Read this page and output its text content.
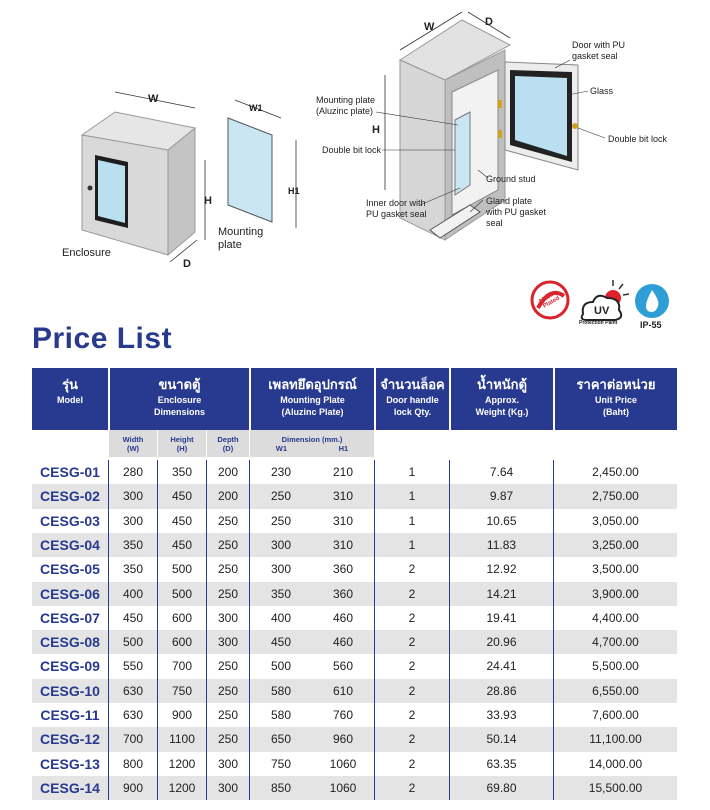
W
H
D
Enclosure
W1
H1
Mounting
plate
W	D
H
Door with PU
gasket seal
Glass
Double bit lock
Mounting plate
(Aluzinc plate)
Double bit lock
Ground stud
Inner door with
PU gasket seal
Gland plate
with PU gasket
seal
Aluzinc Plated
UV
Protection Paint	IP-55
Price List
รุ่น
Model
ขนาดตู้
Enclosure
Dimensions
เพลทยึดอุปกรณ์
Mounting Plate
(Aluzinc Plate)
จำนวนล็อค
Door handle
lock Qty.
น้ำหนักตู้
Approx.
Weight (Kg.)
ราคาต่อหน่วย
Unit Price
(Baht)
Width
(W)
Height
(H)
Depth
(D)
Dimension (mm.)
W1	H1
CESG-01	280	350	200	230	210	1	7.64	2,450.00
CESG-02	300	450	200	250	310	1	9.87	2,750.00
CESG-03	300	450	250	250	310	1	10.65	3,050.00
CESG-04	350	450	250	300	310	1	11.83	3,250.00
CESG-05	350	500	250	300	360	2	12.92	3,500.00
CESG-06	400	500	250	350	360	2	14.21	3,900.00
CESG-07	450	600	300	400	460	2	19.41	4,400.00
CESG-08	500	600	300	450	460	2	20.96	4,700.00
CESG-09	550	700	250	500	560	2	24.41	5,500.00
CESG-10	630	750	250	580	610	2	28.86	6,550.00
CESG-11	630	900	250	580	760	2	33.93	7,600.00
CESG-12	700	1100	250	650	960	2	50.14	11,100.00
CESG-13	800	1200	300	750	1060	2	63.35	14,000.00
CESG-14	900	1200	300	850	1060	2	69.80	15,500.00
